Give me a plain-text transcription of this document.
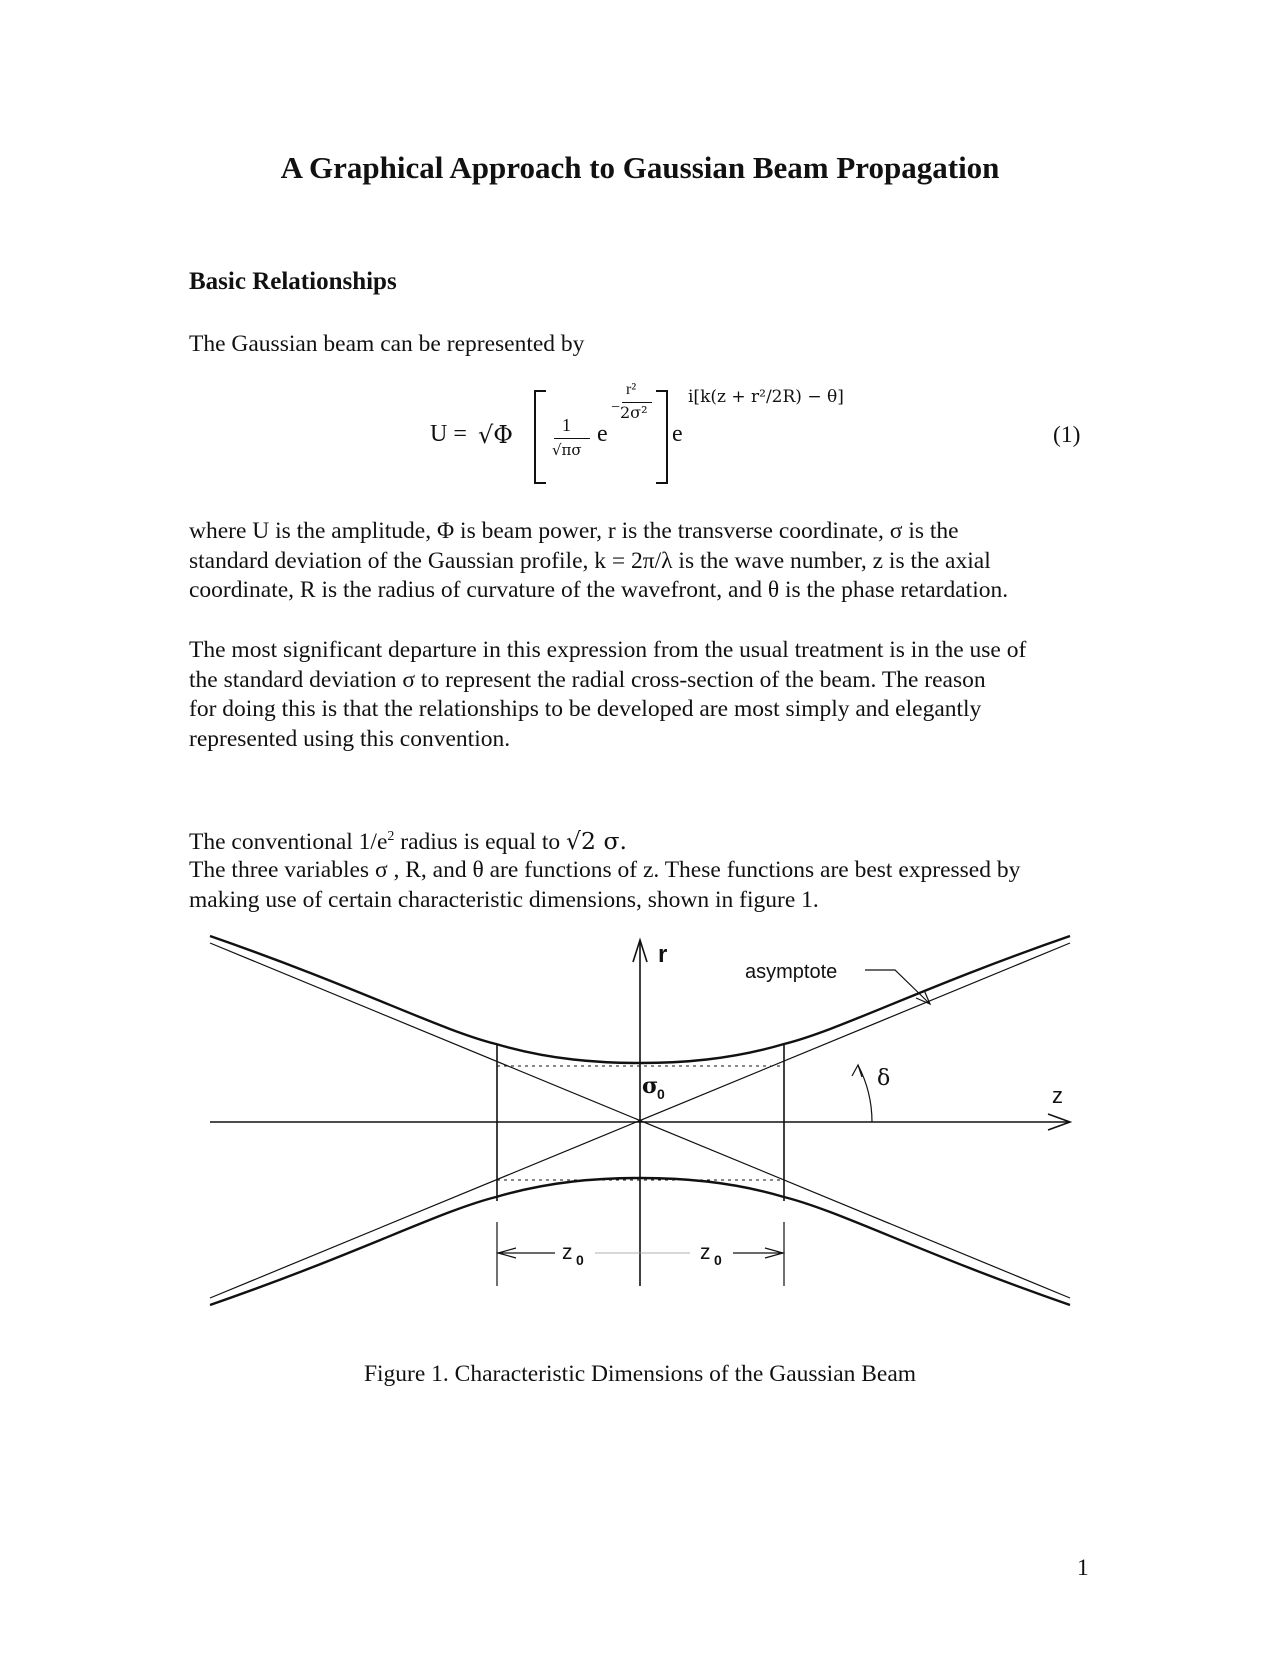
A Graphical Approach to Gaussian Beam Propagation
Basic Relationships
The Gaussian beam can be represented by
U = √Φ	1
√πσ
e
−
r²
2σ²
e
i[k(z + r²/2R) − θ]
(1)
where U is the amplitude, Φ is beam power, r is the transverse coordinate, σ is the
standard deviation of the Gaussian profile, k = 2π/λ is the wave number, z is the axial
coordinate, R is the radius of curvature of the wavefront, and θ is the phase retardation.
The most significant departure in this expression from the usual treatment is in the use of
the standard deviation σ to represent the radial cross-section of the beam. The reason
for doing this is that the relationships to be developed are most simply and elegantly
represented using this convention.

The conventional $1/e^2$ radius is equal to √2 σ.

The three variables σ , R, and θ are functions of z. These functions are best expressed by
making use of certain characteristic dimensions, shown in figure 1.
r
asymptote
σ
0
δ
z
z 0	z 0
Figure 1. Characteristic Dimensions of the Gaussian Beam
1
